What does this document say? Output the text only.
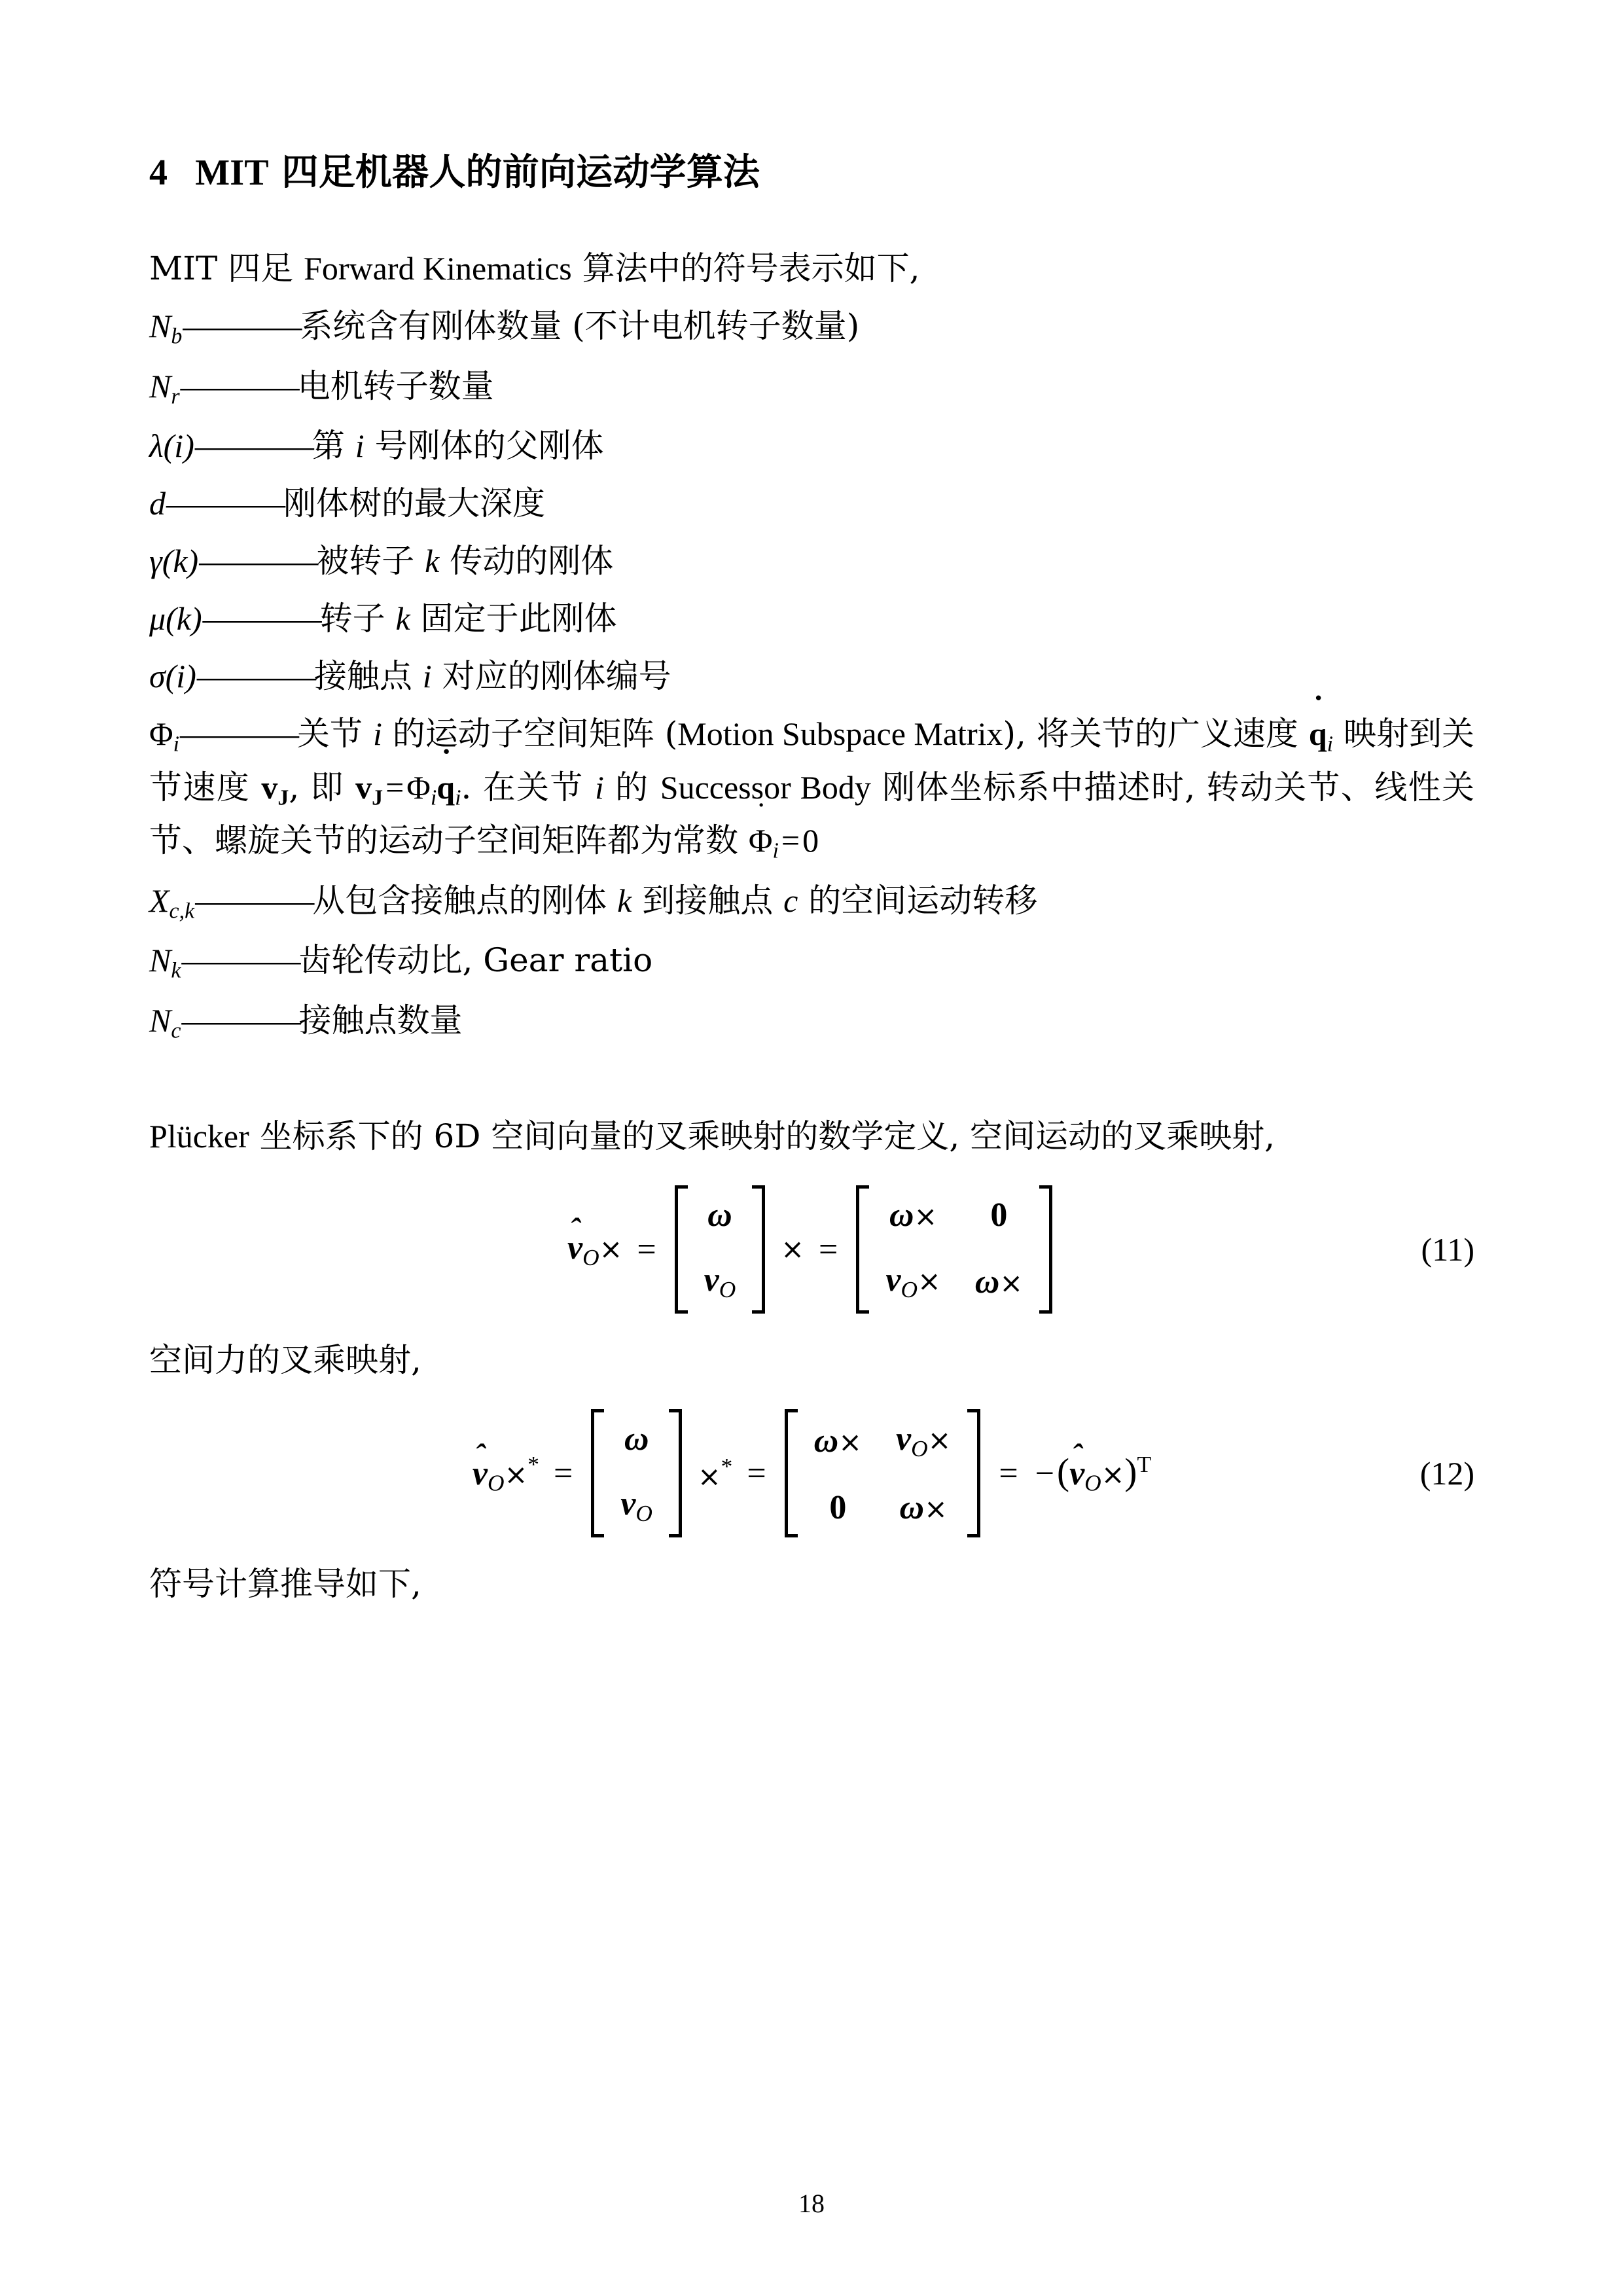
4 MIT 四足机器人的前向运动学算法

MIT 四足 Forward Kinematics 算法中的符号表示如下,

$N_b————$系统含有刚体数量 (不计电机转子数量)
$N_r————$电机转子数量
λ(i)————第 i 号刚体的父刚体
d————刚体树的最大深度
γ(k)————被转子 k 传动的刚体
μ(k)————转子 k 固定于此刚体
σ(i)————接触点 i 对应的刚体编号
$\Phi_i————$关节 i 的运动子空间矩阵 (Motion Subspace Matrix), 将关节的广义速度 q $˙_i$ 映射到关节速度 $v_J$, 即 $v_J=\Phi_iq$ $˙_i$. 在关节 i 的 Successor Body 刚体坐标系中描述时, 转动关节、线性关节、螺旋关节的运动子空间矩阵都为常数 Φ $˙_i=0$
$X_{c,k}————$从包含接触点的刚体 k 到接触点 c 的空间运动转移
$N_k————$齿轮传动比, Gear ratio
$N_c————$接触点数量

Plücker 坐标系下的 6D 空间向量的叉乘映射的数学定义, 空间运动的叉乘映射,

v ˆ$_O$× =
ω
$v_O$
× =
ω× 0
$v_O\times \omega\times$
(11)

空间力的叉乘映射,

v ˆ$_O$×* =
ω
$v_O$
×* =
$\omega\times v_O\times$
0 ω×
= −(v ˆ$_O$×)$^T$	(12)

符号计算推导如下,

18
